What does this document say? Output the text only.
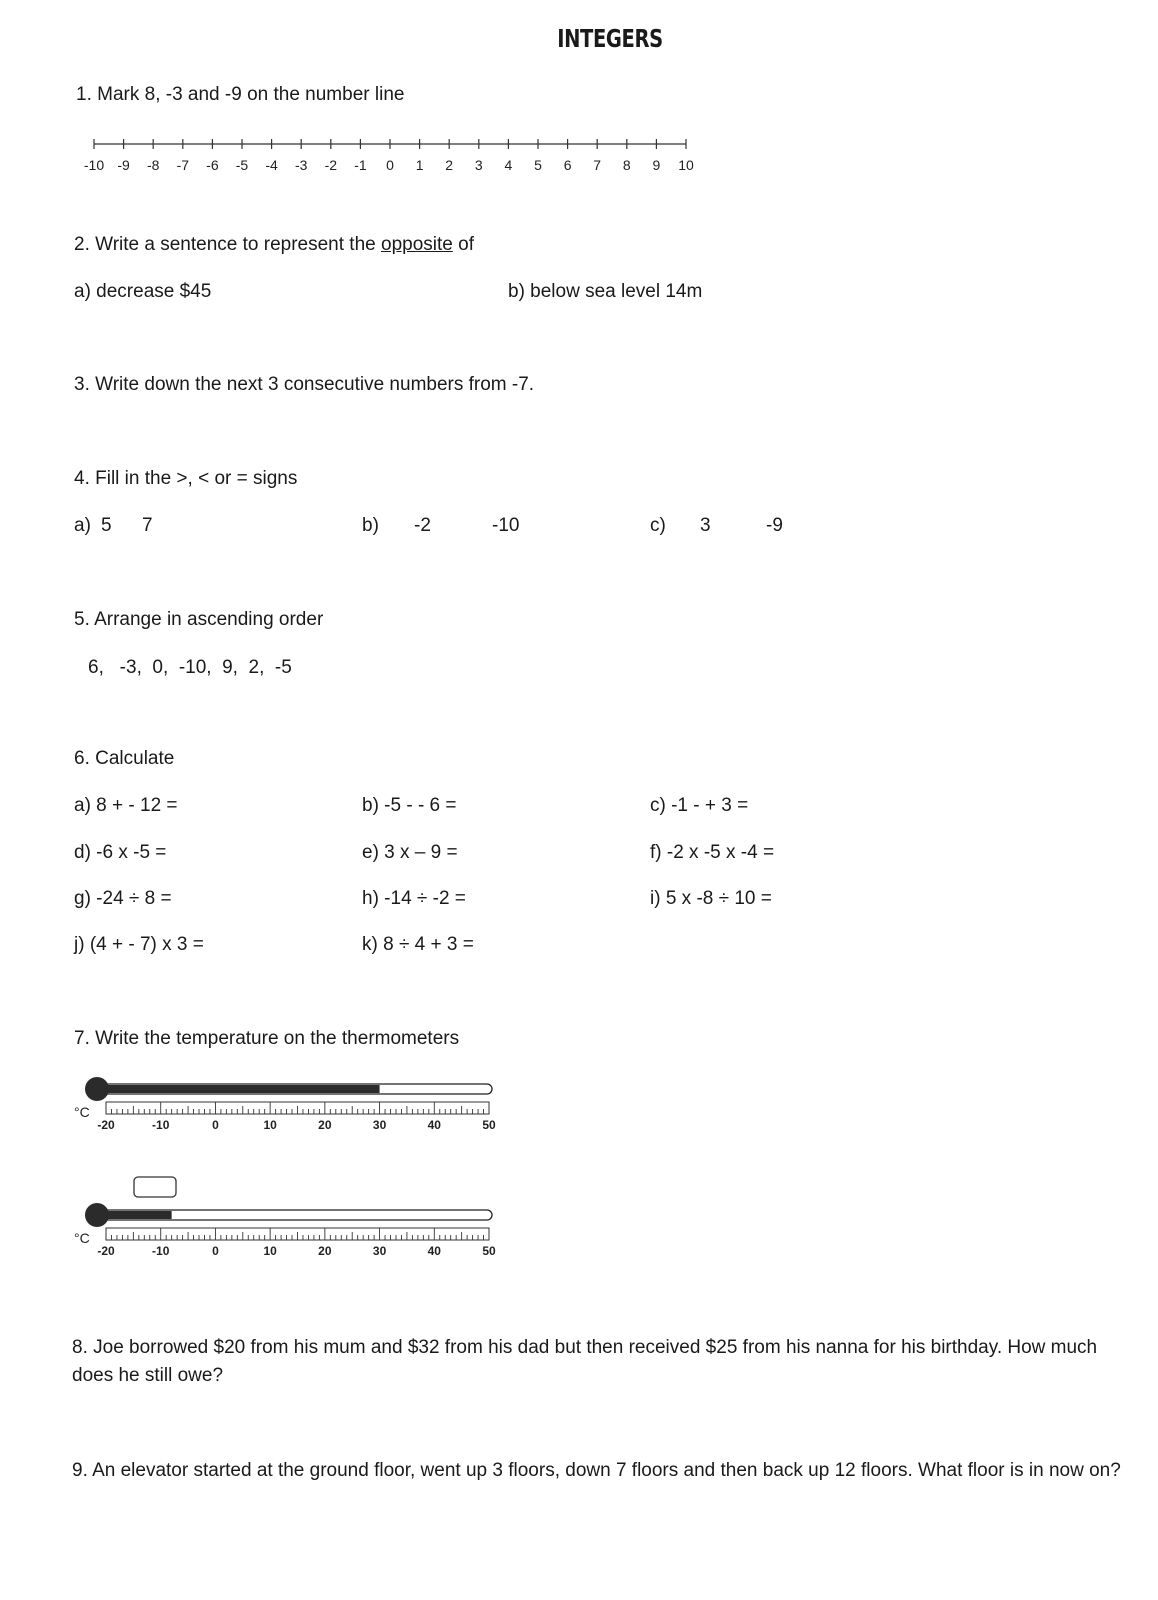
INTEGERS
1. Mark 8, -3 and -9 on the number line
-10 -9 -8 -7 -6 -5 -4 -3 -2 -1 0 1 2 3 4 5 6 7 8 9 10
2. Write a sentence to represent the opposite of
a) decrease $45	b) below sea level 14m
3. Write down the next 3 consecutive numbers from -7.
4. Fill in the >, < or = signs
a) 5 7	b) -2	-10	c) 3	-9
5. Arrange in ascending order
6,   -3,  0,  -10,  9,  2,  -5
6. Calculate
a) 8 + - 12 =	b) -5 - - 6 =	c) -1 - + 3 =
d) -6 x -5 =	e) 3 x – 9 =	f) -2 x -5 x -4 =
g) -24 ÷ 8 =	h) -14 ÷ -2 =	i) 5 x -8 ÷ 10 =
j) (4 + - 7) x 3 =	k) 8 ÷ 4 + 3 =
7. Write the temperature on the thermometers
°C
-20	-10	0	10	20	30	40	50
°C
-20	-10	0	10	20	30	40	50
8. Joe borrowed $20 from his mum and $32 from his dad but then received $25 from his nanna for his birthday. How much does he still owe?
9. An elevator started at the ground floor, went up 3 floors, down 7 floors and then back up 12 floors. What floor is in now on?
